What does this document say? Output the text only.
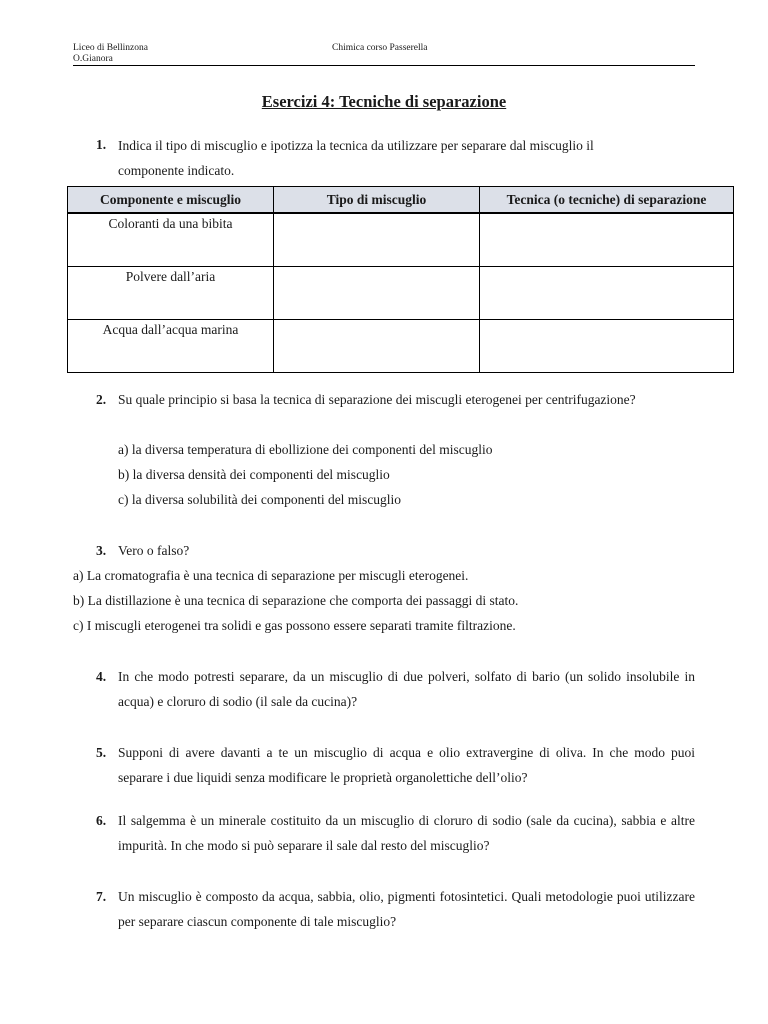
Liceo di Bellinzona
O.Gianora
Chimica corso Passerella
Esercizi 4: Tecniche di separazione
1. Indica il tipo di miscuglio e ipotizza la tecnica da utilizzare per separare dal miscuglio il
componente indicato.
Componente e miscuglio	Tipo di miscuglio	Tecnica (o tecniche) di separazione
Coloranti da una bibita		
Polvere dall’aria		
Acqua dall’acqua marina		
2. Su quale principio si basa la tecnica di separazione dei miscugli eterogenei per centrifugazione?
a) la diversa temperatura di ebollizione dei componenti del miscuglio
b) la diversa densità dei componenti del miscuglio
c) la diversa solubilità dei componenti del miscuglio
3. Vero o falso?
a) La cromatografia è una tecnica di separazione per miscugli eterogenei.
b) La distillazione è una tecnica di separazione che comporta dei passaggi di stato.
c) I miscugli eterogenei tra solidi e gas possono essere separati tramite filtrazione.
4. In che modo potresti separare, da un miscuglio di due polveri, solfato di bario (un solido insolubile in acqua) e cloruro di sodio (il sale da cucina)?
5. Supponi di avere davanti a te un miscuglio di acqua e olio extravergine di oliva. In che modo puoi separare i due liquidi senza modificare le proprietà organolettiche dell’olio?
6. Il salgemma è un minerale costituito da un miscuglio di cloruro di sodio (sale da cucina), sabbia e altre impurità. In che modo si può separare il sale dal resto del miscuglio?
7. Un miscuglio è composto da acqua, sabbia, olio, pigmenti fotosintetici. Quali metodologie puoi utilizzare per separare ciascun componente di tale miscuglio?
